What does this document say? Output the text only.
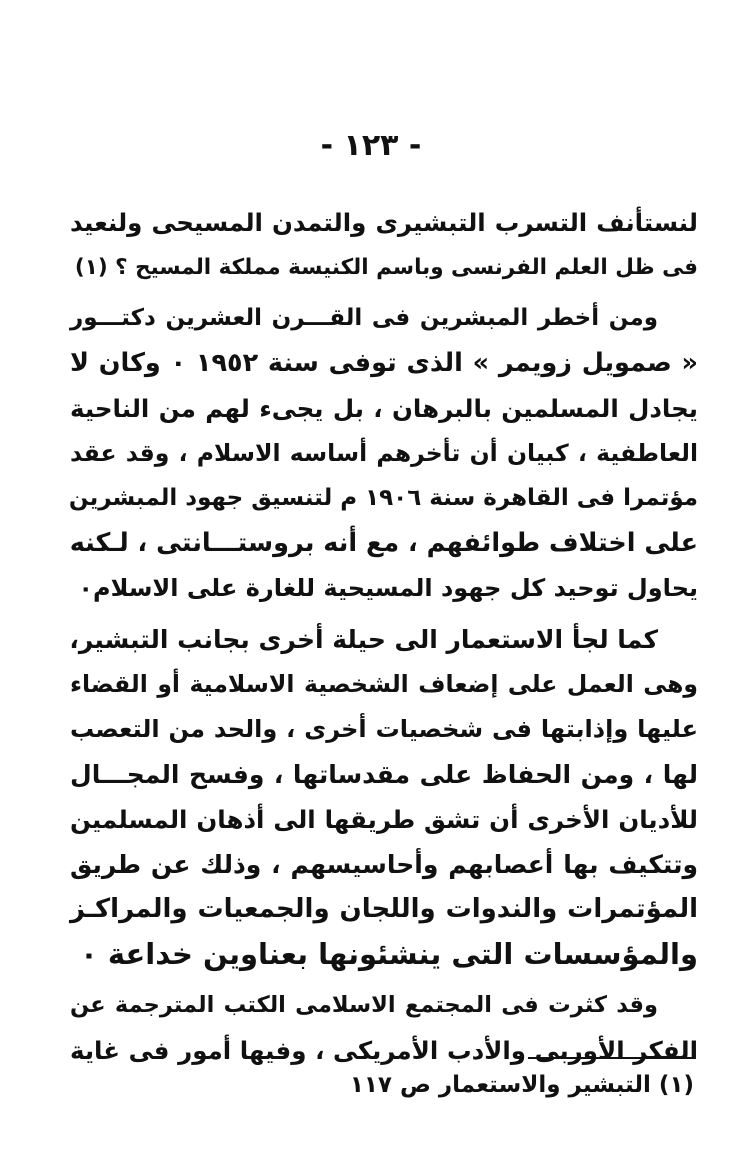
- ١٢٣ -

لنستأنف التسرب التبشيرى والتمدن المسيحى ولنعيد
فى ظل العلم الفرنسى وباسم الكنيسة مملكة المسيح ؟ (١)

ومن أخطر المبشرين فى القـــرن العشرين دكتـــور
« صمويل زويمر » الذى توفى سنة ١٩٥٢ ٠ وكان لا
يجادل المسلمين بالبرهان ، بل يجىء لهم من الناحية
العاطفية ، كبيان أن تأخرهم أساسه الاسلام ، وقد عقد
مؤتمرا فى القاهرة سنة ١٩٠٦ م لتنسيق جهود المبشرين
على اختلاف طوائفهم ، مع أنه بروستـــانتى ، لـكنه
يحاول توحيد كل جهود المسيحية للغارة على الاسلام٠

كما لجأ الاستعمار الى حيلة أخرى بجانب التبشير،
وهى العمل على إضعاف الشخصية الاسلامية أو القضاء
عليها وإذابتها فى شخصيات أخرى ، والحد من التعصب
لها ، ومن الحفاظ على مقدساتها ، وفسح المجـــال
للأديان الأخرى أن تشق طريقها الى أذهان المسلمين
وتتكيف بها أعصابهم وأحاسيسهم ، وذلك عن طريق
المؤتمرات والندوات واللجان والجمعيات والمراكـز
والمؤسسات التى ينشئونها بعناوين خداعة ٠

وقد كثرت فى المجتمع الاسلامى الكتب المترجمة عن
الفكر الأوربى والأدب الأمريكى ، وفيها أمور فى غاية

(١) التبشير والاستعمار ص ١١٧
